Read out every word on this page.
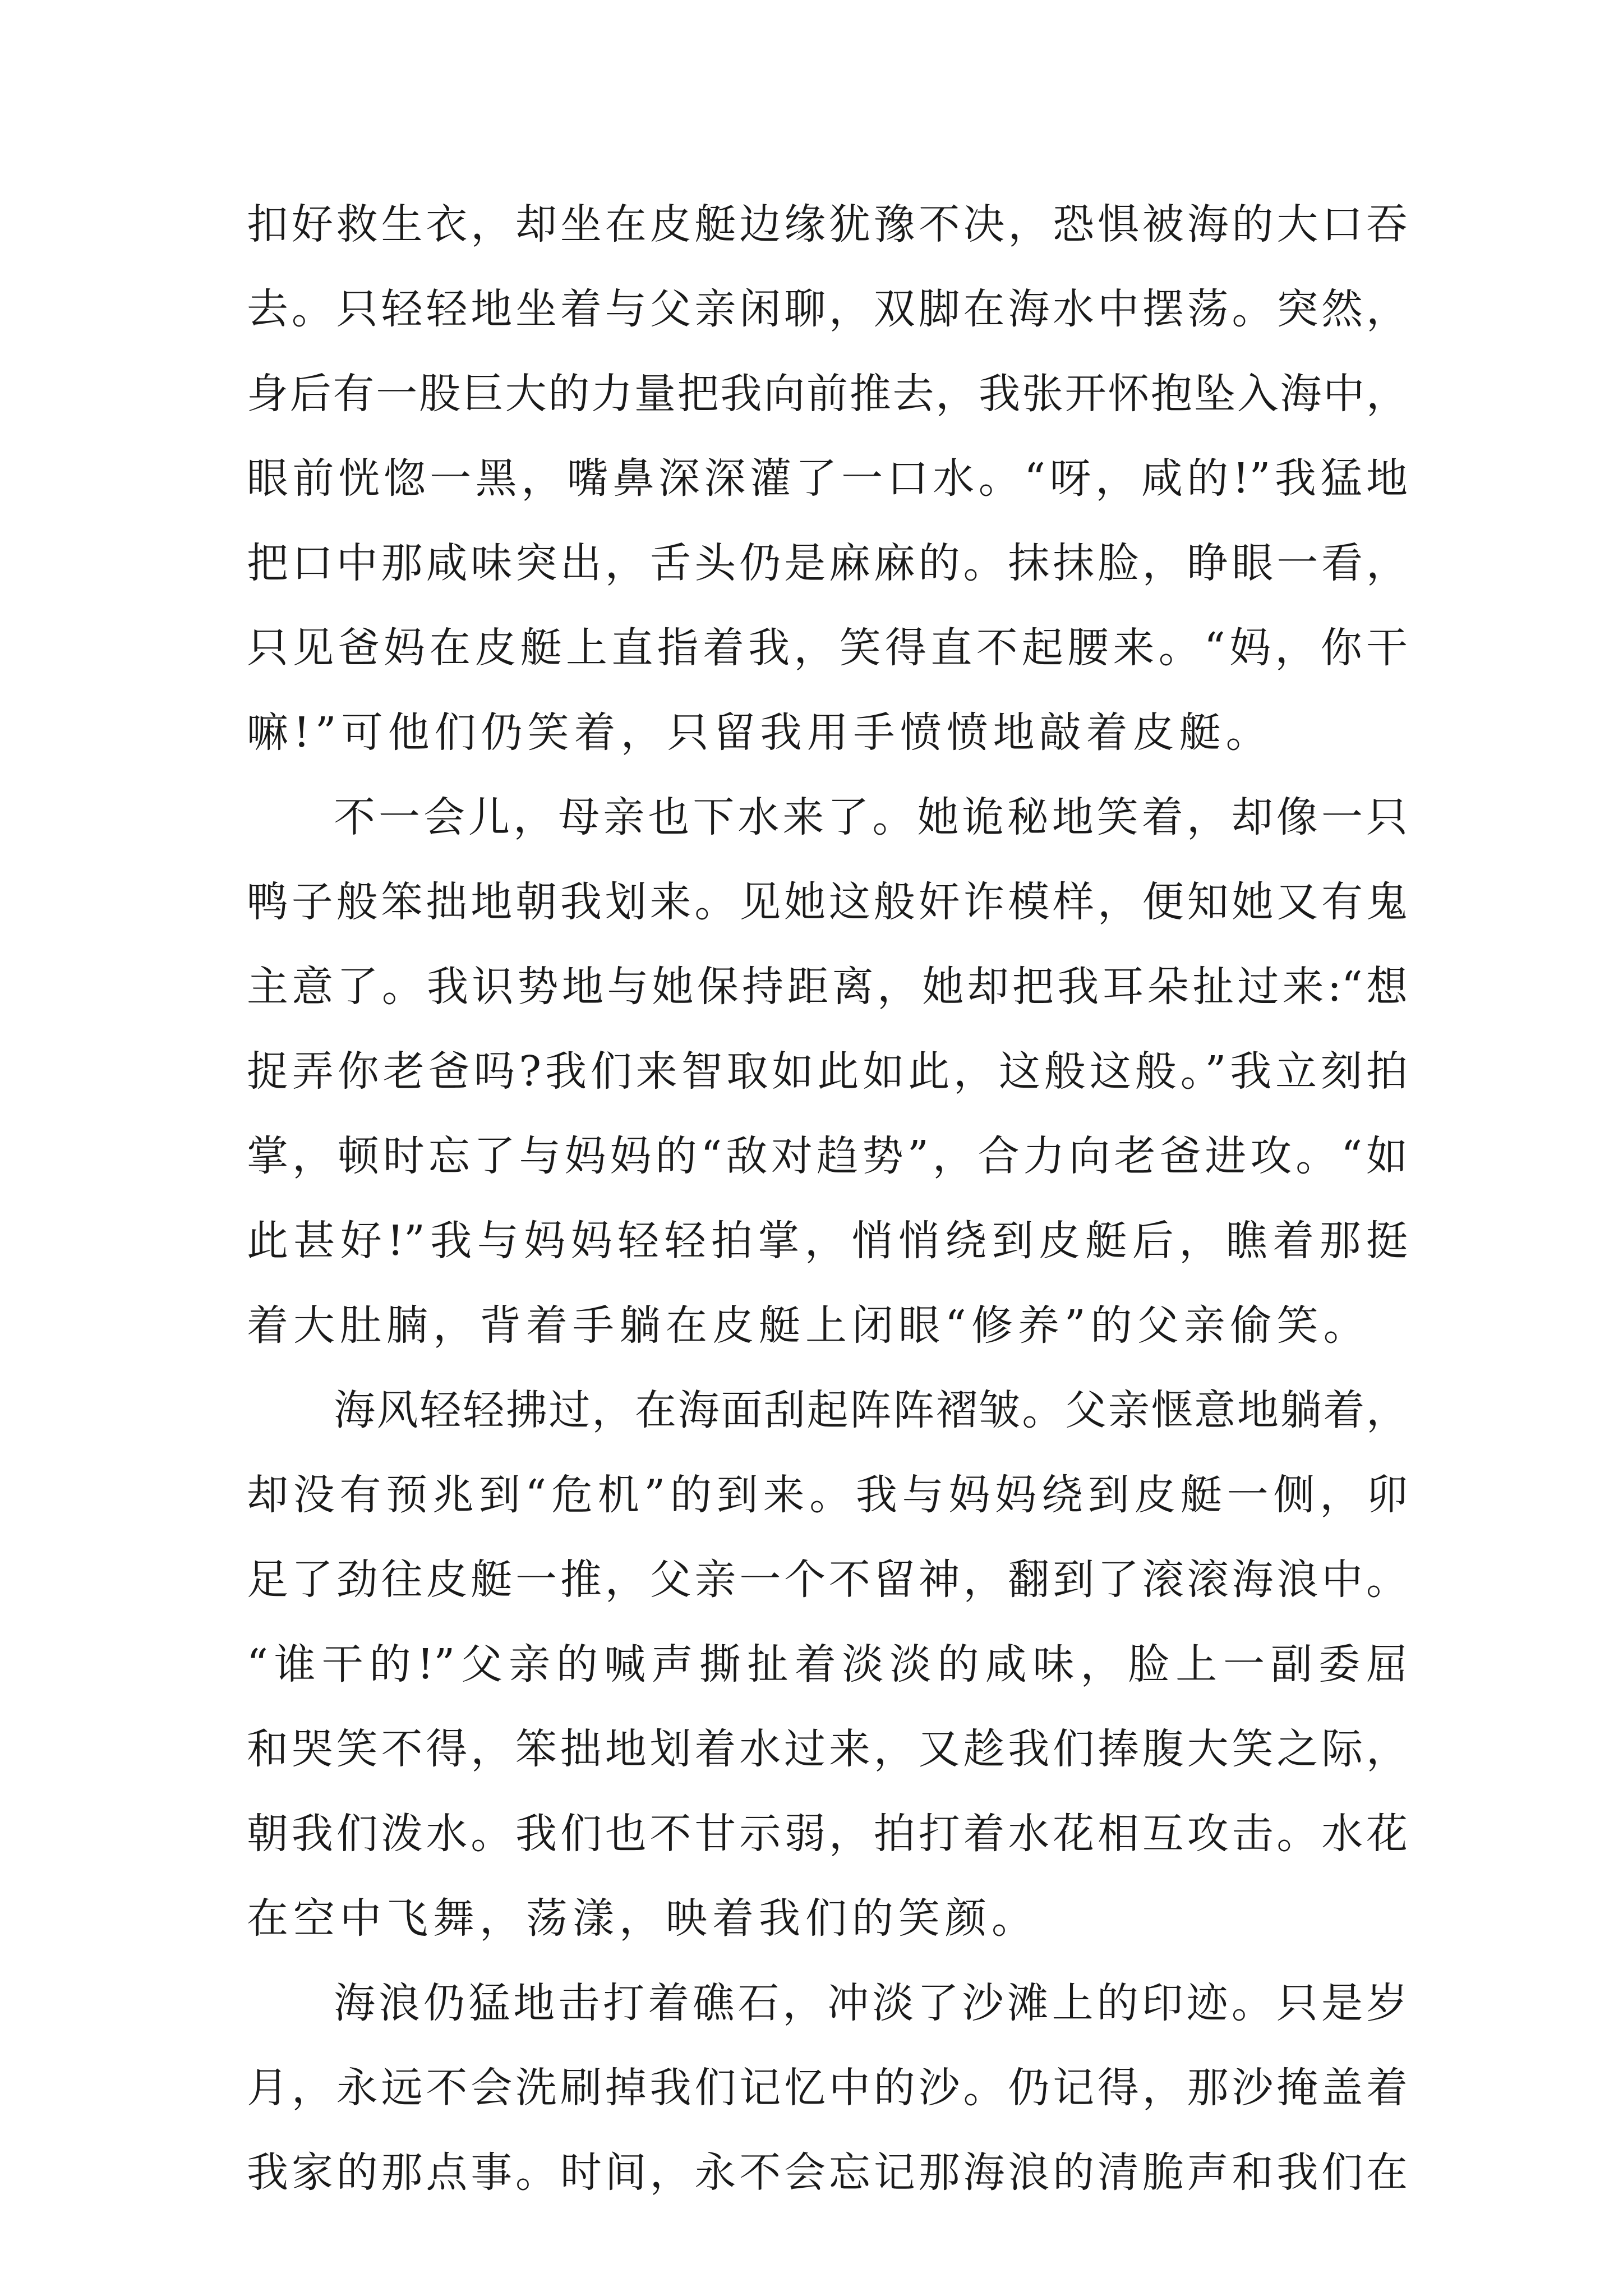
扣好救生衣，却坐在皮艇边缘犹豫不决，恐惧被海的大口吞
去。只轻轻地坐着与父亲闲聊，双脚在海水中摆荡。突然，
身后有一股巨大的力量把我向前推去，我张开怀抱坠入海中，
眼前恍惚一黑，嘴鼻深深灌了一口水。“呀，咸的!”我猛地
把口中那咸味突出，舌头仍是麻麻的。抹抹脸，睁眼一看，
只见爸妈在皮艇上直指着我，笑得直不起腰来。“妈，你干
嘛!”可他们仍笑着，只留我用手愤愤地敲着皮艇。
不一会儿，母亲也下水来了。她诡秘地笑着，却像一只
鸭子般笨拙地朝我划来。见她这般奸诈模样，便知她又有鬼
主意了。我识势地与她保持距离，她却把我耳朵扯过来:“想
捉弄你老爸吗?我们来智取如此如此，这般这般。”我立刻拍
掌，顿时忘了与妈妈的“敌对趋势”，合力向老爸进攻。“如
此甚好!”我与妈妈轻轻拍掌，悄悄绕到皮艇后，瞧着那挺
着大肚腩，背着手躺在皮艇上闭眼“修养”的父亲偷笑。
海风轻轻拂过，在海面刮起阵阵褶皱。父亲惬意地躺着，
却没有预兆到“危机”的到来。我与妈妈绕到皮艇一侧，卯
足了劲往皮艇一推，父亲一个不留神，翻到了滚滚海浪中。
“谁干的!”父亲的喊声撕扯着淡淡的咸味，脸上一副委屈
和哭笑不得，笨拙地划着水过来，又趁我们捧腹大笑之际，
朝我们泼水。我们也不甘示弱，拍打着水花相互攻击。水花
在空中飞舞，荡漾，映着我们的笑颜。
海浪仍猛地击打着礁石，冲淡了沙滩上的印迹。只是岁
月，永远不会洗刷掉我们记忆中的沙。仍记得，那沙掩盖着
我家的那点事。时间，永不会忘记那海浪的清脆声和我们在
